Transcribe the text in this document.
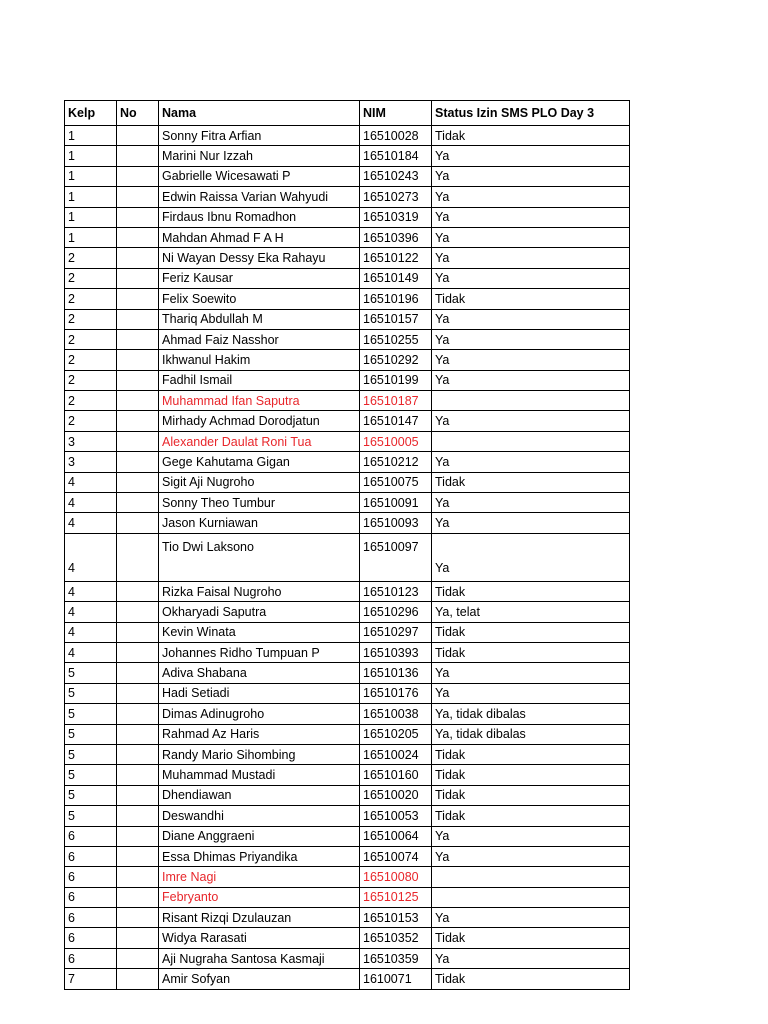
Kelp	No	Nama	NIM	Status Izin SMS PLO Day 3
1		Sonny Fitra Arfian	16510028	Tidak
1		Marini Nur Izzah	16510184	Ya
1		Gabrielle Wicesawati P	16510243	Ya
1		Edwin Raissa Varian Wahyudi	16510273	Ya
1		Firdaus Ibnu Romadhon	16510319	Ya
1		Mahdan Ahmad F A H	16510396	Ya
2		Ni Wayan Dessy Eka Rahayu	16510122	Ya
2		Feriz Kausar	16510149	Ya
2		Felix Soewito	16510196	Tidak
2		Thariq Abdullah M	16510157	Ya
2		Ahmad Faiz Nasshor	16510255	Ya
2		Ikhwanul Hakim	16510292	Ya
2		Fadhil Ismail	16510199	Ya
2		Muhammad Ifan Saputra	16510187	
2		Mirhady Achmad Dorodjatun	16510147	Ya
3		Alexander Daulat Roni Tua	16510005	
3		Gege Kahutama Gigan	16510212	Ya
4		Sigit Aji Nugroho	16510075	Tidak
4		Sonny Theo Tumbur	16510091	Ya
4		Jason Kurniawan	16510093	Ya
4		Tio Dwi Laksono	16510097	Ya
4		Rizka Faisal Nugroho	16510123	Tidak
4		Okharyadi Saputra	16510296	Ya, telat
4		Kevin Winata	16510297	Tidak
4		Johannes Ridho Tumpuan P	16510393	Tidak
5		Adiva Shabana	16510136	Ya
5		Hadi Setiadi	16510176	Ya
5		Dimas Adinugroho	16510038	Ya, tidak dibalas
5		Rahmad Az Haris	16510205	Ya, tidak dibalas
5		Randy Mario Sihombing	16510024	Tidak
5		Muhammad Mustadi	16510160	Tidak
5		Dhendiawan	16510020	Tidak
5		Deswandhi	16510053	Tidak
6		Diane Anggraeni	16510064	Ya
6		Essa Dhimas Priyandika	16510074	Ya
6		Imre Nagi	16510080	
6		Febryanto	16510125	
6		Risant Rizqi Dzulauzan	16510153	Ya
6		Widya Rarasati	16510352	Tidak
6		Aji Nugraha Santosa Kasmaji	16510359	Ya
7		Amir Sofyan	1610071	Tidak
